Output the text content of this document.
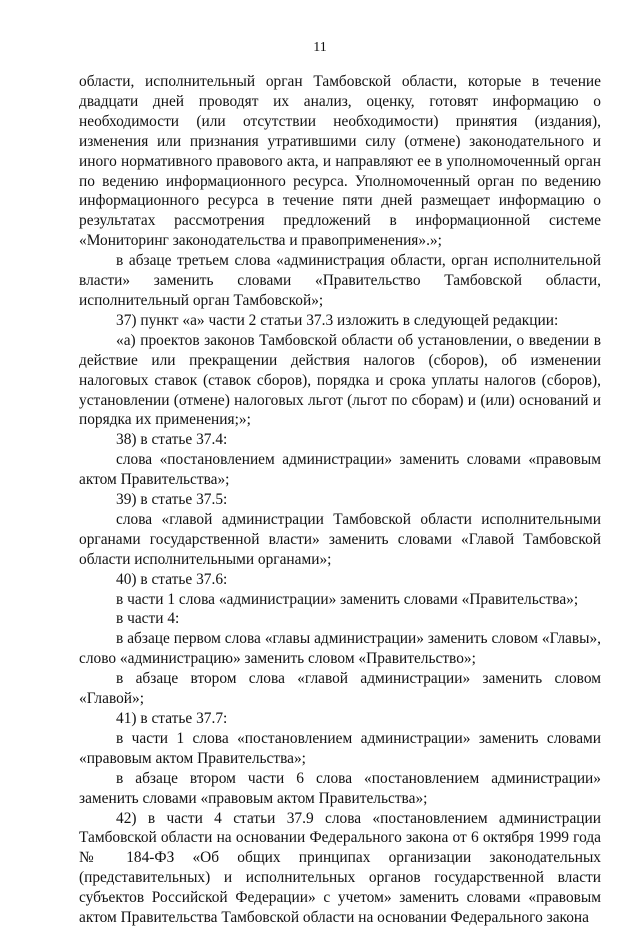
11

области, исполнительный орган Тамбовской области, которые в течение двадцати дней проводят их анализ, оценку, готовят информацию о необходимости (или отсутствии необходимости) принятия (издания), изменения или признания утратившими силу (отмене) законодательного и иного нормативного правового акта, и направляют ее в уполномоченный орган по ведению информационного ресурса. Уполномоченный орган по ведению информационного ресурса в течение пяти дней размещает информацию о результатах рассмотрения предложений в информационной системе «Мониторинг законодательства и правоприменения».»;

в абзаце третьем слова «администрация области, орган исполнительной власти» заменить словами «Правительство Тамбовской области, исполнительный орган Тамбовской»;

37) пункт «а» части 2 статьи 37.3 изложить в следующей редакции:

«а) проектов законов Тамбовской области об установлении, о введении в действие или прекращении действия налогов (сборов), об изменении налоговых ставок (ставок сборов), порядка и срока уплаты налогов (сборов), установлении (отмене) налоговых льгот (льгот по сборам) и (или) оснований и порядка их применения;»;

38) в статье 37.4:

слова «постановлением администрации» заменить словами «правовым актом Правительства»;

39) в статье 37.5:

слова «главой администрации Тамбовской области исполнительными органами государственной власти» заменить словами «Главой Тамбовской области исполнительными органами»;

40) в статье 37.6:

в части 1 слова «администрации» заменить словами «Правительства»;

в части 4:

в абзаце первом слова «главы администрации» заменить словом «Главы», слово «администрацию» заменить словом «Правительство»;

в абзаце втором слова «главой администрации» заменить словом «Главой»;

41) в статье 37.7:

в части 1 слова «постановлением администрации» заменить словами «правовым актом Правительства»;

в абзаце втором части 6 слова «постановлением администрации» заменить словами «правовым актом Правительства»;

42) в части 4 статьи 37.9 слова «постановлением администрации Тамбовской области на основании Федерального закона от 6 октября 1999 года № 184-ФЗ «Об общих принципах организации законодательных (представительных) и исполнительных органов государственной власти субъектов Российской Федерации» с учетом» заменить словами «правовым актом Правительства Тамбовской области на основании Федерального закона
